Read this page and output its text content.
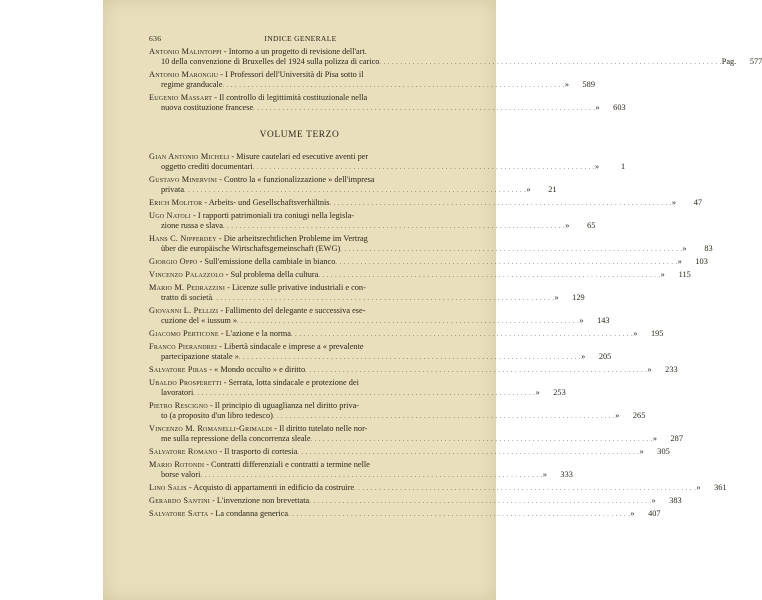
636	INDICE GENERALE
Antonio Malintoppi - Intorno a un progetto di revisione dell'art.
10 della convenzione di Bruxelles del 1924 sulla polizza di carico . . .	Pag.	577
Antonio Marongiu - I Professori dell'Università di Pisa sotto il
regime granducale . . .	»	589
Eugenio Massart - Il controllo di legittimità costituzionale nella
nuova costituzione francese . . .	»	603
VOLUME TERZO
Gian Antonio Micheli - Misure cautelari ed esecutive aventi per
oggetto crediti documentari . . .	»	1
Gustavo Minervini - Contro la « funzionalizzazione » dell'impresa
privata . . .	»	21
Erich Molitor - Arbeits- und Gesellschaftsverhältnis . . .	»	47
Ugo Natoli - I rapporti patrimoniali tra coniugi nella legisla-
zione russa e slava . . .	»	65
Hans C. Nipperdey - Die arbeitsrechtlichen Probleme im Vertrag
über die europäische Wirtschaftsgemeinschaft (EWG) . . .	»	83
Giorgio Oppo - Sull'emissione della cambiale in bianco . . .	»	103
Vincenzo Palazzolo - Sul problema della cultura . . .	»	115
Mario M. Pedrazzini - Licenze sulle privative industriali e con-
tratto di società . . .	»	129
Giovanni L. Pellizi - Fallimento del delegante e successiva ese-
cuzione del « iussum » . . .	»	143
Giacomo Perticone - L'azione e la norma . . .	»	195
Franco Pierandrei - Libertà sindacale e imprese a « prevalente
partecipazione statale » . . .	»	205
Salvatore Piras - « Mondo occulto » e diritto . . .	»	233
Ubaldo Prosperetti - Serrata, lotta sindacale e protezione dei
lavoratori . . .	»	253
Pietro Rescigno - Il principio di uguaglianza nel diritto priva-
to (a proposito d'un libro tedesco) . . .	»	265
Vincenzo M. Romanelli-Grimaldi - Il diritto tutelato nelle nor-
me sulla repressione della concorrenza sleale . . .	»	287
Salvatore Romano - Il trasporto di cortesia . . .	»	305
Mario Rotondi - Contratti differenziali e contratti a termine nelle
borse valori . . .	»	333
Lino Salis - Acquisto di appartamenti in edificio da costruire . . .	»	361
Gerardo Santini - L'invenzione non brevettata . . .	»	383
Salvatore Satta - La condanna generica . . .	»	407
